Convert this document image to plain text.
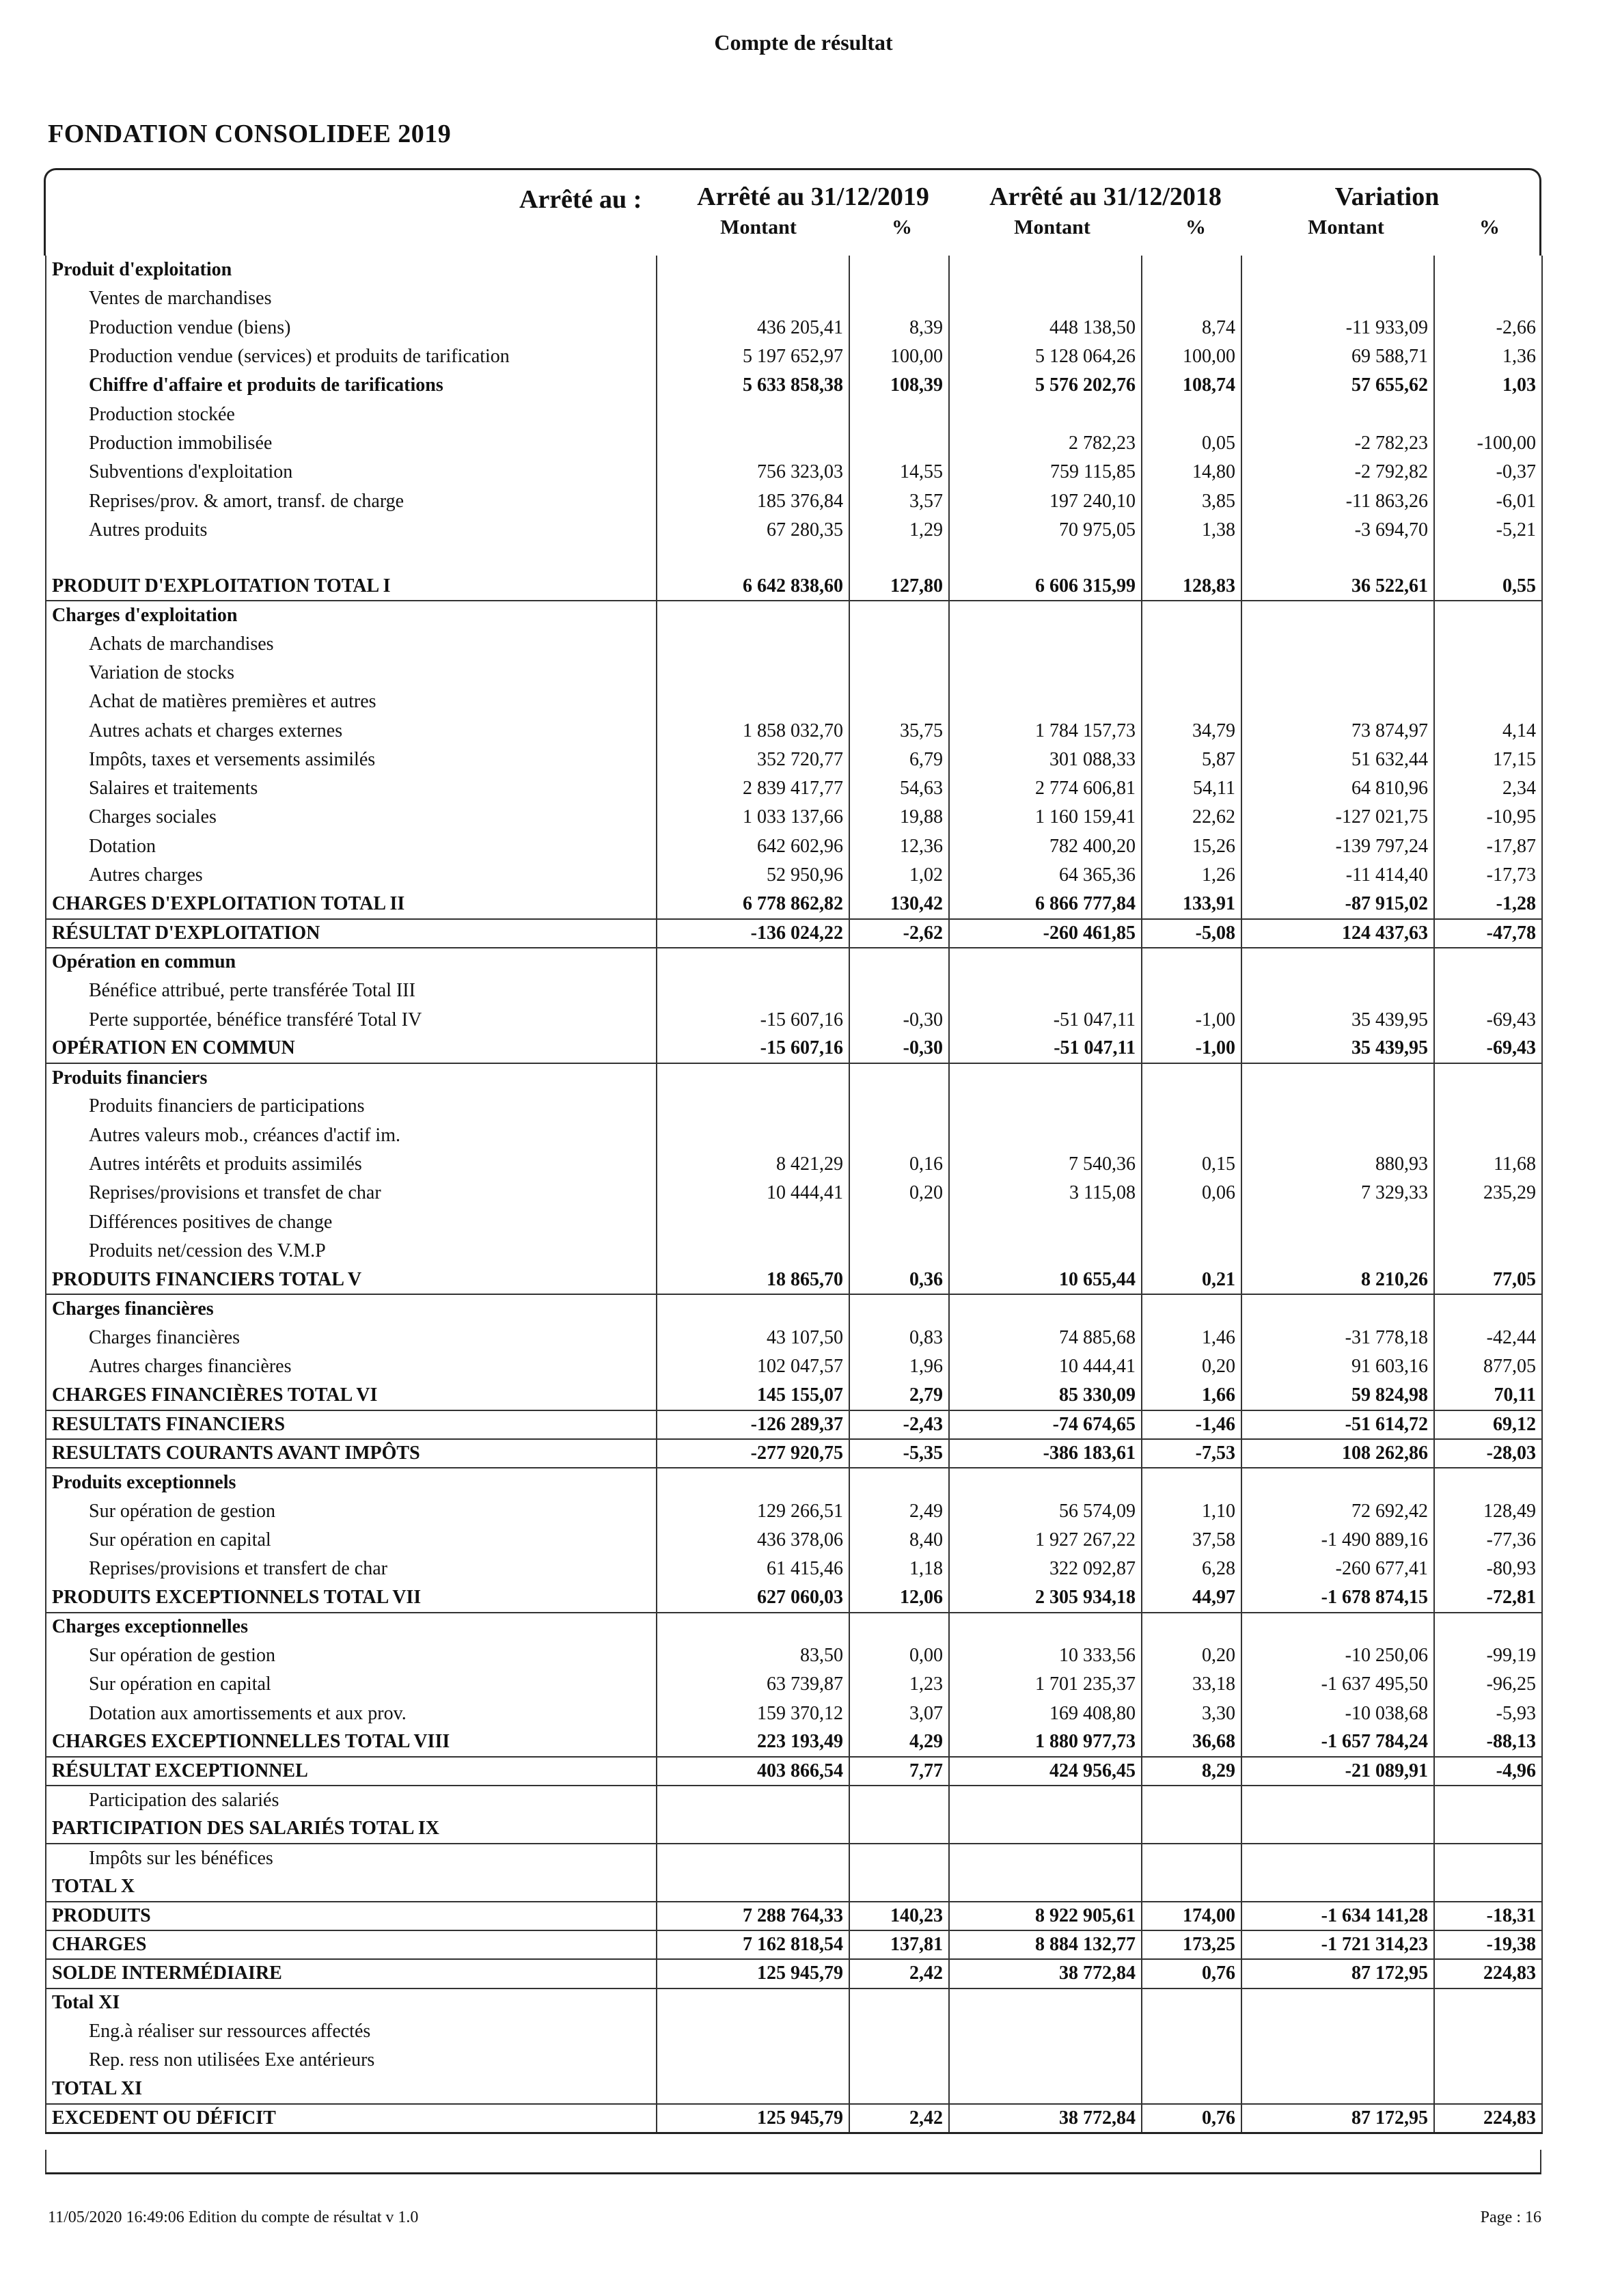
Compte de résultat
FONDATION CONSOLIDEE 2019
Arrêté au :	Arrêté au 31/12/2019	Arrêté au 31/12/2018	Variation
Montant	%	Montant	%	Montant	%
Produit d'exploitation						
Ventes de marchandises						
Production vendue (biens)	436 205,41	8,39	448 138,50	8,74	-11 933,09	-2,66
Production vendue (services) et produits de tarification	5 197 652,97	100,00	5 128 064,26	100,00	69 588,71	1,36
Chiffre d'affaire et produits de tarifications	5 633 858,38	108,39	5 576 202,76	108,74	57 655,62	1,03
Production stockée						
Production immobilisée			2 782,23	0,05	-2 782,23	-100,00
Subventions d'exploitation	756 323,03	14,55	759 115,85	14,80	-2 792,82	-0,37
Reprises/prov. & amort, transf. de charge	185 376,84	3,57	197 240,10	3,85	-11 863,26	-6,01
Autres produits	67 280,35	1,29	70 975,05	1,38	-3 694,70	-5,21

PRODUIT D'EXPLOITATION TOTAL I	6 642 838,60	127,80	6 606 315,99	128,83	36 522,61	0,55
Charges d'exploitation						
Achats de marchandises						
Variation de stocks						
Achat de matières premières et autres						
Autres achats et charges externes	1 858 032,70	35,75	1 784 157,73	34,79	73 874,97	4,14
Impôts, taxes et versements assimilés	352 720,77	6,79	301 088,33	5,87	51 632,44	17,15
Salaires et traitements	2 839 417,77	54,63	2 774 606,81	54,11	64 810,96	2,34
Charges sociales	1 033 137,66	19,88	1 160 159,41	22,62	-127 021,75	-10,95
Dotation	642 602,96	12,36	782 400,20	15,26	-139 797,24	-17,87
Autres charges	52 950,96	1,02	64 365,36	1,26	-11 414,40	-17,73
CHARGES D'EXPLOITATION TOTAL II	6 778 862,82	130,42	6 866 777,84	133,91	-87 915,02	-1,28
RÉSULTAT D'EXPLOITATION	-136 024,22	-2,62	-260 461,85	-5,08	124 437,63	-47,78
Opération en commun						
Bénéfice attribué, perte transférée Total III						
Perte supportée, bénéfice transféré Total IV	-15 607,16	-0,30	-51 047,11	-1,00	35 439,95	-69,43
OPÉRATION EN COMMUN	-15 607,16	-0,30	-51 047,11	-1,00	35 439,95	-69,43
Produits financiers						
Produits financiers de participations						
Autres valeurs mob., créances d'actif im.						
Autres intérêts et produits assimilés	8 421,29	0,16	7 540,36	0,15	880,93	11,68
Reprises/provisions et transfet de char	10 444,41	0,20	3 115,08	0,06	7 329,33	235,29
Différences positives de change						
Produits net/cession des V.M.P						
PRODUITS FINANCIERS TOTAL V	18 865,70	0,36	10 655,44	0,21	8 210,26	77,05
Charges financières						
Charges financières	43 107,50	0,83	74 885,68	1,46	-31 778,18	-42,44
Autres charges financières	102 047,57	1,96	10 444,41	0,20	91 603,16	877,05
CHARGES FINANCIÈRES TOTAL VI	145 155,07	2,79	85 330,09	1,66	59 824,98	70,11
RESULTATS FINANCIERS	-126 289,37	-2,43	-74 674,65	-1,46	-51 614,72	69,12
RESULTATS COURANTS AVANT IMPÔTS	-277 920,75	-5,35	-386 183,61	-7,53	108 262,86	-28,03
Produits exceptionnels						
Sur opération de gestion	129 266,51	2,49	56 574,09	1,10	72 692,42	128,49
Sur opération en capital	436 378,06	8,40	1 927 267,22	37,58	-1 490 889,16	-77,36
Reprises/provisions et transfert de char	61 415,46	1,18	322 092,87	6,28	-260 677,41	-80,93
PRODUITS EXCEPTIONNELS TOTAL VII	627 060,03	12,06	2 305 934,18	44,97	-1 678 874,15	-72,81
Charges exceptionnelles						
Sur opération de gestion	83,50	0,00	10 333,56	0,20	-10 250,06	-99,19
Sur opération en capital	63 739,87	1,23	1 701 235,37	33,18	-1 637 495,50	-96,25
Dotation aux amortissements et aux prov.	159 370,12	3,07	169 408,80	3,30	-10 038,68	-5,93
CHARGES EXCEPTIONNELLES TOTAL VIII	223 193,49	4,29	1 880 977,73	36,68	-1 657 784,24	-88,13
RÉSULTAT EXCEPTIONNEL	403 866,54	7,77	424 956,45	8,29	-21 089,91	-4,96
Participation des salariés						
PARTICIPATION DES SALARIÉS TOTAL IX						
Impôts sur les bénéfices						
TOTAL X						
PRODUITS	7 288 764,33	140,23	8 922 905,61	174,00	-1 634 141,28	-18,31
CHARGES	7 162 818,54	137,81	8 884 132,77	173,25	-1 721 314,23	-19,38
SOLDE INTERMÉDIAIRE	125 945,79	2,42	38 772,84	0,76	87 172,95	224,83
Total XI						
Eng.à réaliser sur ressources affectés						
Rep. ress non utilisées Exe antérieurs						
TOTAL XI						
EXCEDENT OU DÉFICIT	125 945,79	2,42	38 772,84	0,76	87 172,95	224,83
11/05/2020 16:49:06 Edition du compte de résultat v 1.0	Page : 16
